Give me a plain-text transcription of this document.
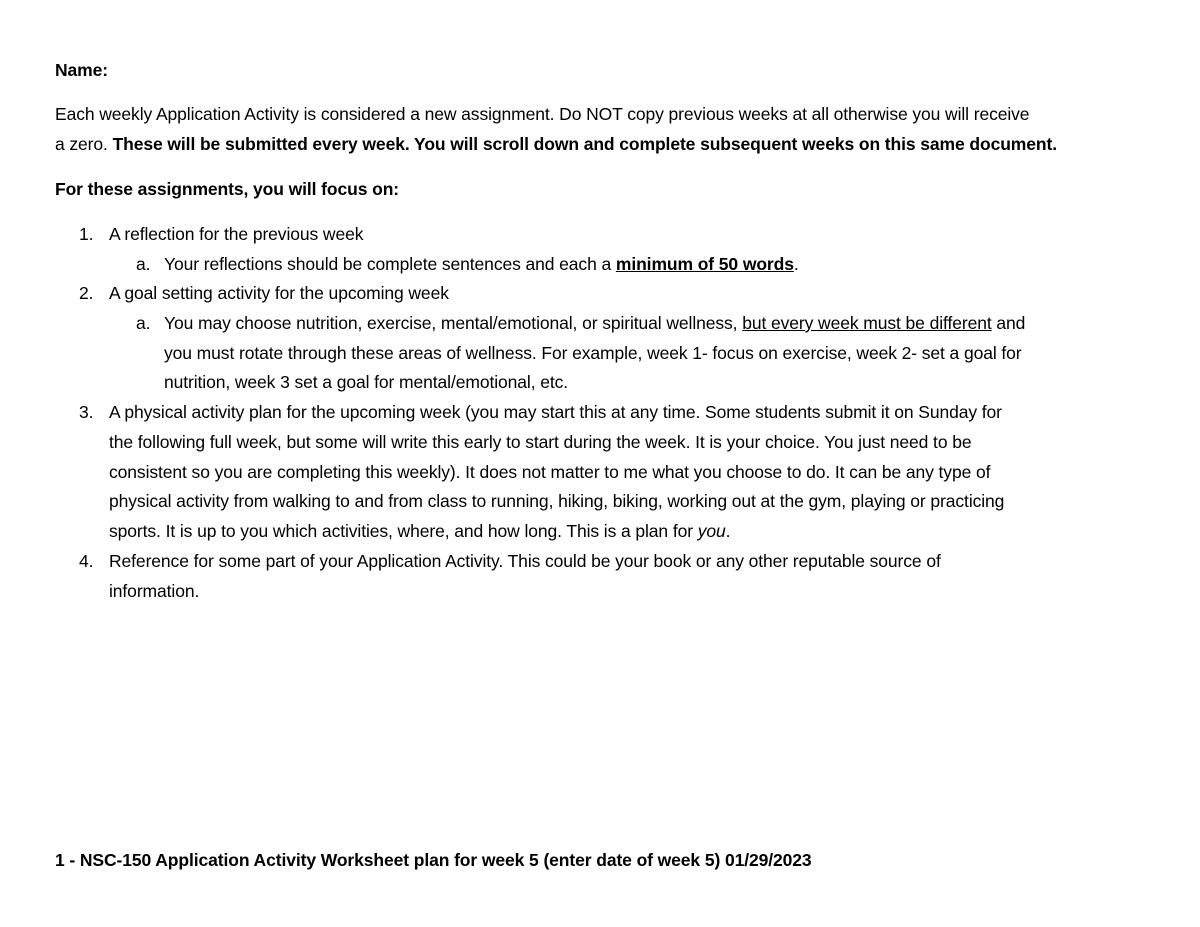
Name:
Each weekly Application Activity is considered a new assignment. Do NOT copy previous weeks at all otherwise you will receive
a zero. These will be submitted every week. You will scroll down and complete subsequent weeks on this same document.
For these assignments, you will focus on:
1. A reflection for the previous week
a. Your reflections should be complete sentences and each a minimum of 50 words.
2. A goal setting activity for the upcoming week
a. You may choose nutrition, exercise, mental/emotional, or spiritual wellness, but every week must be different and
you must rotate through these areas of wellness. For example, week 1- focus on exercise, week 2- set a goal for
nutrition, week 3 set a goal for mental/emotional, etc.
3. A physical activity plan for the upcoming week (you may start this at any time. Some students submit it on Sunday for
the following full week, but some will write this early to start during the week. It is your choice. You just need to be
consistent so you are completing this weekly). It does not matter to me what you choose to do. It can be any type of
physical activity from walking to and from class to running, hiking, biking, working out at the gym, playing or practicing
sports. It is up to you which activities, where, and how long. This is a plan for you.
4. Reference for some part of your Application Activity. This could be your book or any other reputable source of
information.
1 - NSC-150 Application Activity Worksheet plan for week 5 (enter date of week 5) 01/29/2023
